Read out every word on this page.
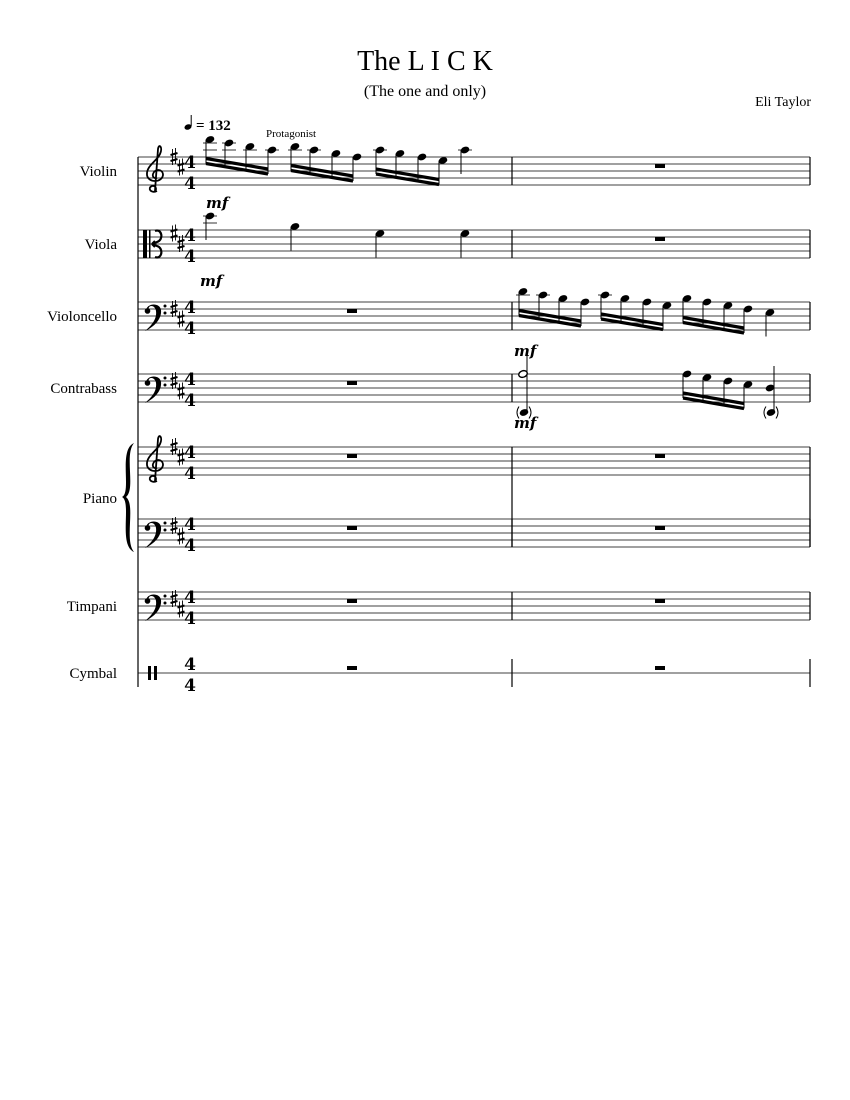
The L I C K
(The one and only)
Eli Taylor
= 132	Protagonist
Piano
Violin	4
4
Viola	4
4
mf
Violoncello	4
4
mf
Contrabass	4
4
mf
4
4
mf
4
4
Timpani	4
4
Cymbal	4
4
